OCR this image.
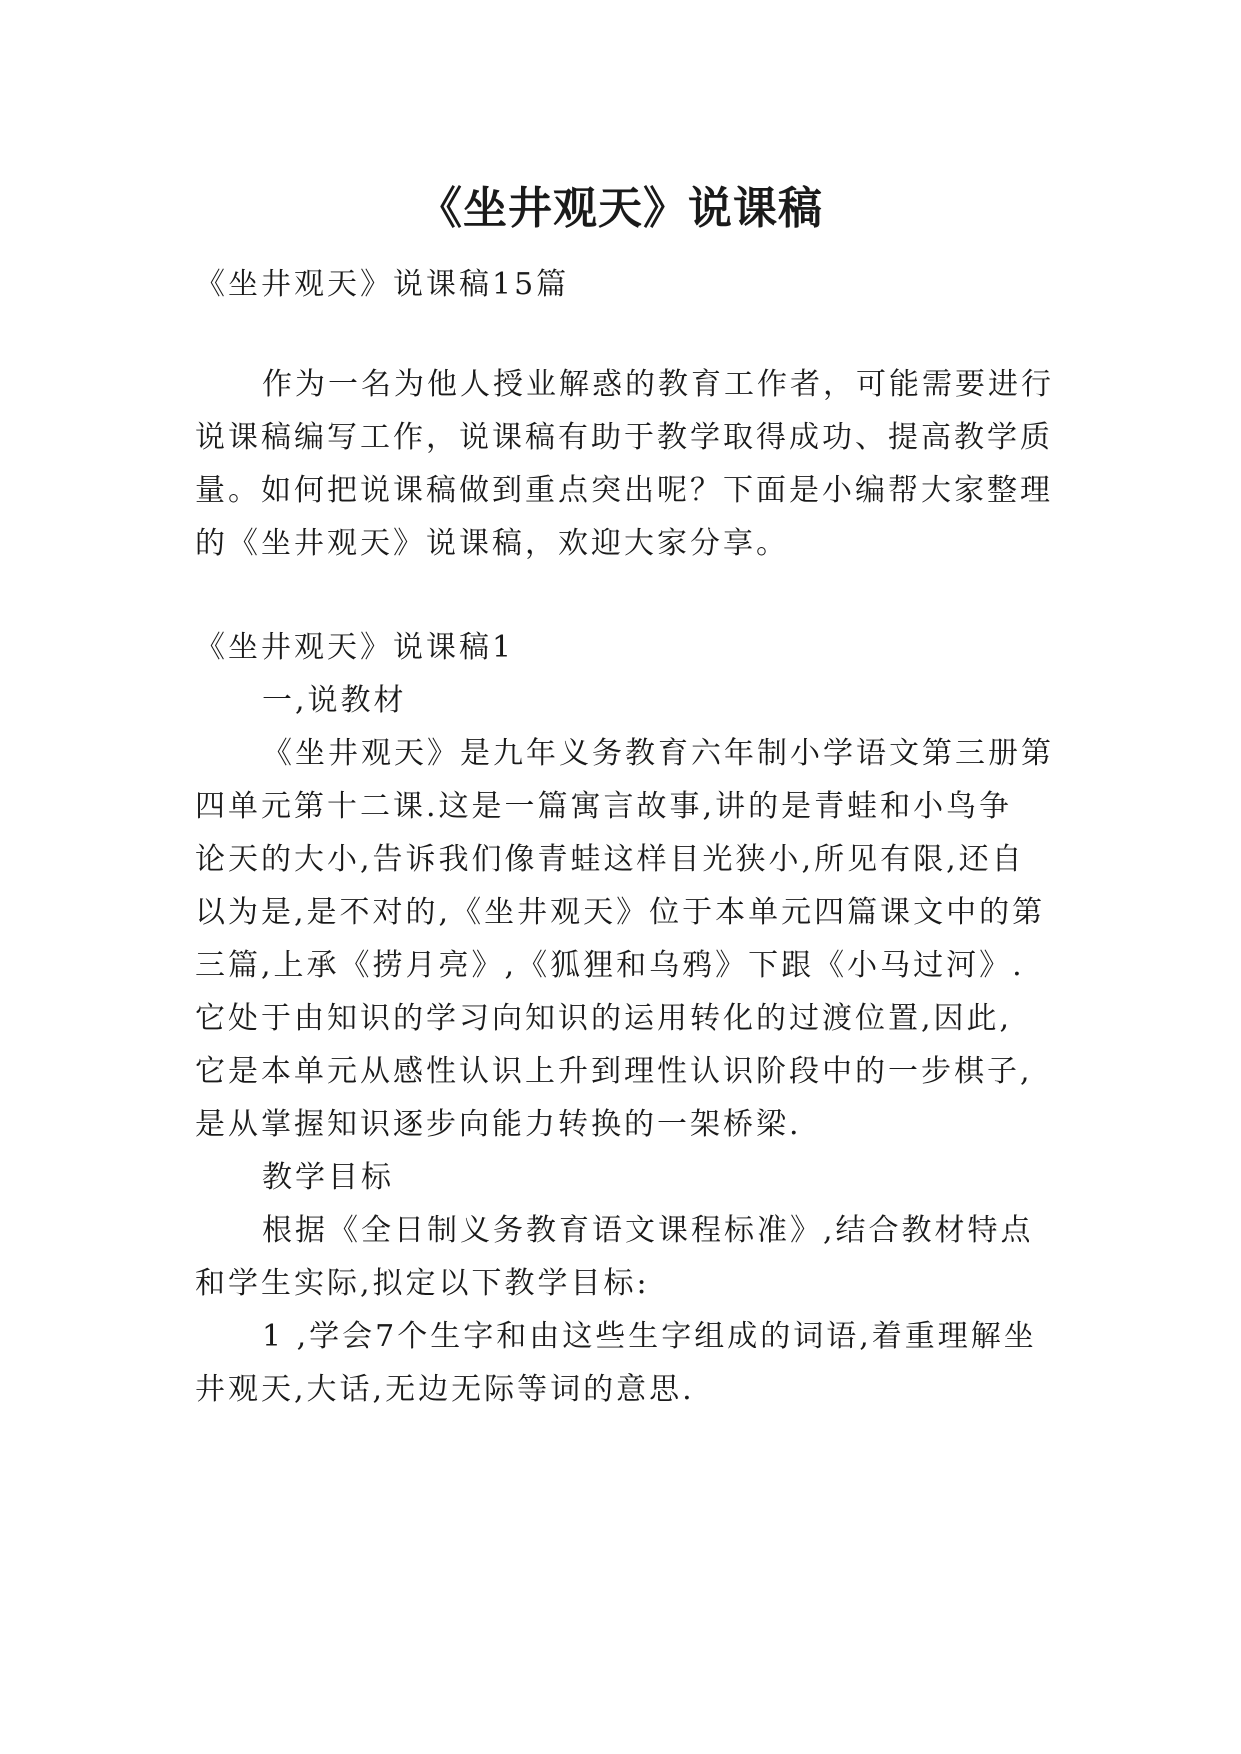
《坐井观天》说课稿

《坐井观天》说课稿15篇

作为一名为他人授业解惑的教育工作者，可能需要进行

说课稿编写工作，说课稿有助于教学取得成功、提高教学质

量。如何把说课稿做到重点突出呢？下面是小编帮大家整理

的《坐井观天》说课稿，欢迎大家分享。

《坐井观天》说课稿1

一,说教材

《坐井观天》是九年义务教育六年制小学语文第三册第

四单元第十二课.这是一篇寓言故事,讲的是青蛙和小鸟争

论天的大小,告诉我们像青蛙这样目光狭小,所见有限,还自

以为是,是不对的,《坐井观天》位于本单元四篇课文中的第

三篇,上承《捞月亮》,《狐狸和乌鸦》下跟《小马过河》.

它处于由知识的学习向知识的运用转化的过渡位置,因此,

它是本单元从感性认识上升到理性认识阶段中的一步棋子,

是从掌握知识逐步向能力转换的一架桥梁.

教学目标

根据《全日制义务教育语文课程标准》,结合教材特点

和学生实际,拟定以下教学目标:

1 ,学会7个生字和由这些生字组成的词语,着重理解坐

井观天,大话,无边无际等词的意思.
